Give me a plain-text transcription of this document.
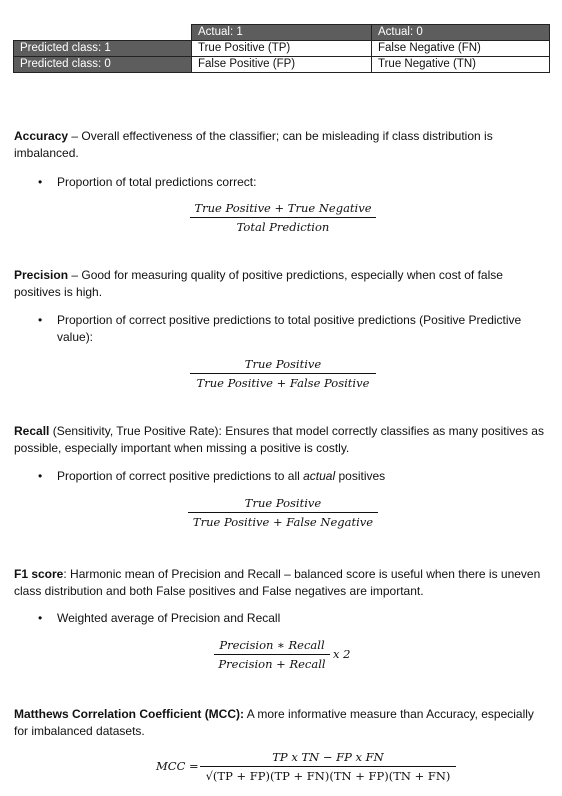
	Actual: 1	Actual: 0
Predicted class: 1	True Positive (TP)	False Negative (FN)
Predicted class: 0	False Positive (FP)	True Negative (TN)
Accuracy – Overall effectiveness of the classifier; can be misleading if class distribution is imbalanced.
• Proportion of total predictions correct:
True Positive + True Negative
Total Prediction
Precision – Good for measuring quality of positive predictions, especially when cost of false positives is high.
• Proportion of correct positive predictions to total positive predictions (Positive Predictive value):
True Positive
True Positive + False Positive
Recall (Sensitivity, True Positive Rate): Ensures that model correctly classifies as many positives as possible, especially important when missing a positive is costly.
• Proportion of correct positive predictions to all actual positives
True Positive
True Positive + False Negative
F1 score: Harmonic mean of Precision and Recall – balanced score is useful when there is uneven class distribution and both False positives and False negatives are important.
• Weighted average of Precision and Recall
Precision ∗ Recall
Precision + Recall
x 2
Matthews Correlation Coefficient (MCC): A more informative measure than Accuracy, especially for imbalanced datasets.
MCC =
TP x TN − FP x FN
√(TP + FP)(TP + FN)(TN + FP)(TN + FN)
